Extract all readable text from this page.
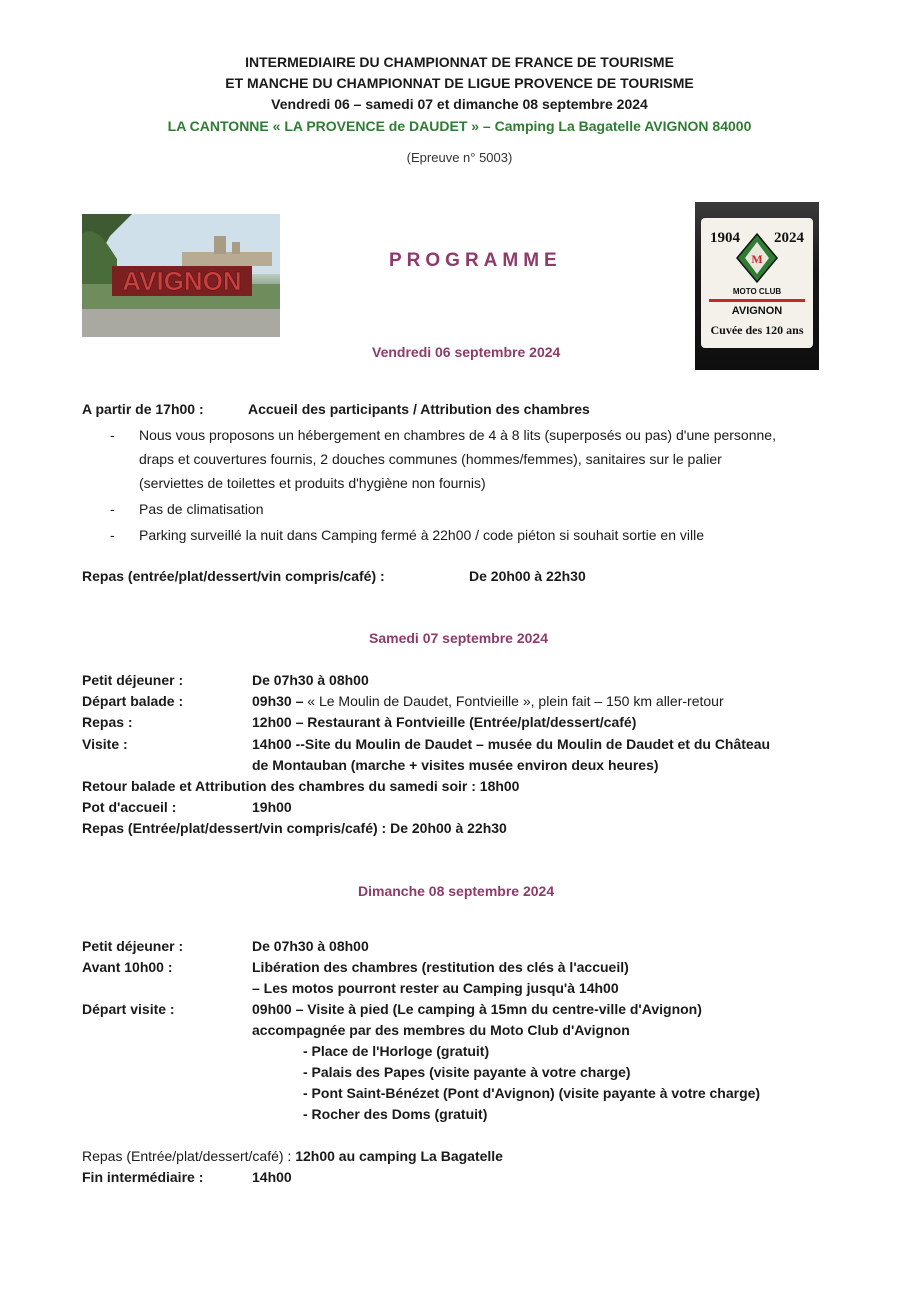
INTERMEDIAIRE DU CHAMPIONNAT DE FRANCE DE TOURISME
ET MANCHE DU CHAMPIONNAT DE LIGUE PROVENCE DE TOURISME
Vendredi 06 – samedi 07 et dimanche 08 septembre 2024
LA CANTONNE « LA PROVENCE de DAUDET » – Camping La Bagatelle AVIGNON 84000
(Epreuve n° 5003)
AVIGNON
PROGRAMME
1904 2024
M
MOTO CLUB
AVIGNON
Cuvée des 120 ans
Vendredi 06 septembre 2024
A partir de 17h00 :	Accueil des participants / Attribution des chambres
- Nous vous proposons un hébergement en chambres de 4 à 8 lits (superposés ou pas) d'une personne,
draps et couvertures fournis, 2 douches communes (hommes/femmes), sanitaires sur le palier
(serviettes de toilettes et produits d'hygiène non fournis)
- Pas de climatisation
- Parking surveillé la nuit dans Camping fermé à 22h00 / code piéton si souhait sortie en ville
Repas (entrée/plat/dessert/vin compris/café) :	De 20h00 à 22h30
Samedi 07 septembre 2024
Petit déjeuner :	De 07h30 à 08h00
Départ balade :	09h30 – « Le Moulin de Daudet, Fontvieille », plein fait – 150 km aller-retour
Repas :	12h00 – Restaurant à Fontvieille (Entrée/plat/dessert/café)
Visite :	14h00 --Site du Moulin de Daudet – musée du Moulin de Daudet et du Château
de Montauban (marche + visites musée environ deux heures)
Retour balade et Attribution des chambres du samedi soir : 18h00
Pot d'accueil :	19h00
Repas (Entrée/plat/dessert/vin compris/café) : De 20h00 à 22h30
Dimanche 08 septembre 2024
Petit déjeuner :	De 07h30 à 08h00
Avant 10h00 :	Libération des chambres (restitution des clés à l'accueil)
– Les motos pourront rester au Camping jusqu'à 14h00
Départ visite :	09h00 – Visite à pied (Le camping à 15mn du centre-ville d'Avignon)
accompagnée par des membres du Moto Club d'Avignon
- Place de l'Horloge (gratuit)
- Palais des Papes (visite payante à votre charge)
- Pont Saint-Bénézet (Pont d'Avignon) (visite payante à votre charge)
- Rocher des Doms (gratuit)
Repas (Entrée/plat/dessert/café) : 12h00 au camping La Bagatelle
Fin intermédiaire :	14h00
